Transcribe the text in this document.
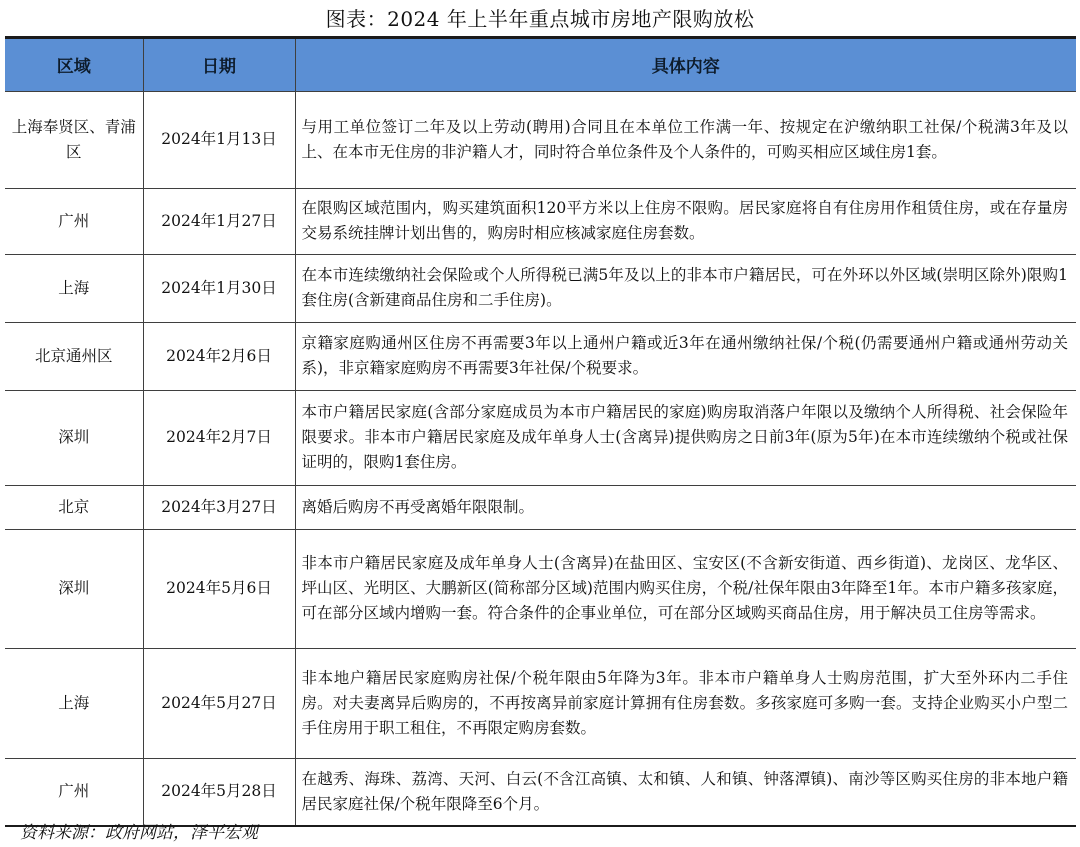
图表：2024 年上半年重点城市房地产限购放松
区域	日期	具体内容
上海奉贤区、青浦区	2024年1月13日	与用工单位签订二年及以上劳动(聘用)合同且在本单位工作满一年、按规定在沪缴纳职工社保/个税满3年及以上、在本市无住房的非沪籍人才，同时符合单位条件及个人条件的，可购买相应区域住房1套。
广州	2024年1月27日	在限购区域范围内，购买建筑面积120平方米以上住房不限购。居民家庭将自有住房用作租赁住房，或在存量房交易系统挂牌计划出售的，购房时相应核减家庭住房套数。
上海	2024年1月30日	在本市连续缴纳社会保险或个人所得税已满5年及以上的非本市户籍居民，可在外环以外区域(崇明区除外)限购1套住房(含新建商品住房和二手住房)。
北京通州区	2024年2月6日	京籍家庭购通州区住房不再需要3年以上通州户籍或近3年在通州缴纳社保/个税(仍需要通州户籍或通州劳动关系)，非京籍家庭购房不再需要3年社保/个税要求。
深圳	2024年2月7日	本市户籍居民家庭(含部分家庭成员为本市户籍居民的家庭)购房取消落户年限以及缴纳个人所得税、社会保险年限要求。非本市户籍居民家庭及成年单身人士(含离异)提供购房之日前3年(原为5年)在本市连续缴纳个税或社保证明的，限购1套住房。
北京	2024年3月27日	离婚后购房不再受离婚年限限制。
深圳	2024年5月6日	非本市户籍居民家庭及成年单身人士(含离异)在盐田区、宝安区(不含新安街道、西乡街道)、龙岗区、龙华区、坪山区、光明区、大鹏新区(简称部分区域)范围内购买住房，个税/社保年限由3年降至1年。本市户籍多孩家庭，可在部分区域内增购一套。符合条件的企事业单位，可在部分区域购买商品住房，用于解决员工住房等需求。
上海	2024年5月27日	非本地户籍居民家庭购房社保/个税年限由5年降为3年。非本市户籍单身人士购房范围，扩大至外环内二手住房。对夫妻离异后购房的，不再按离异前家庭计算拥有住房套数。多孩家庭可多购一套。支持企业购买小户型二手住房用于职工租住，不再限定购房套数。
广州	2024年5月28日	在越秀、海珠、荔湾、天河、白云(不含江高镇、太和镇、人和镇、钟落潭镇)、南沙等区购买住房的非本地户籍居民家庭社保/个税年限降至6个月。
资料来源：政府网站，泽平宏观
